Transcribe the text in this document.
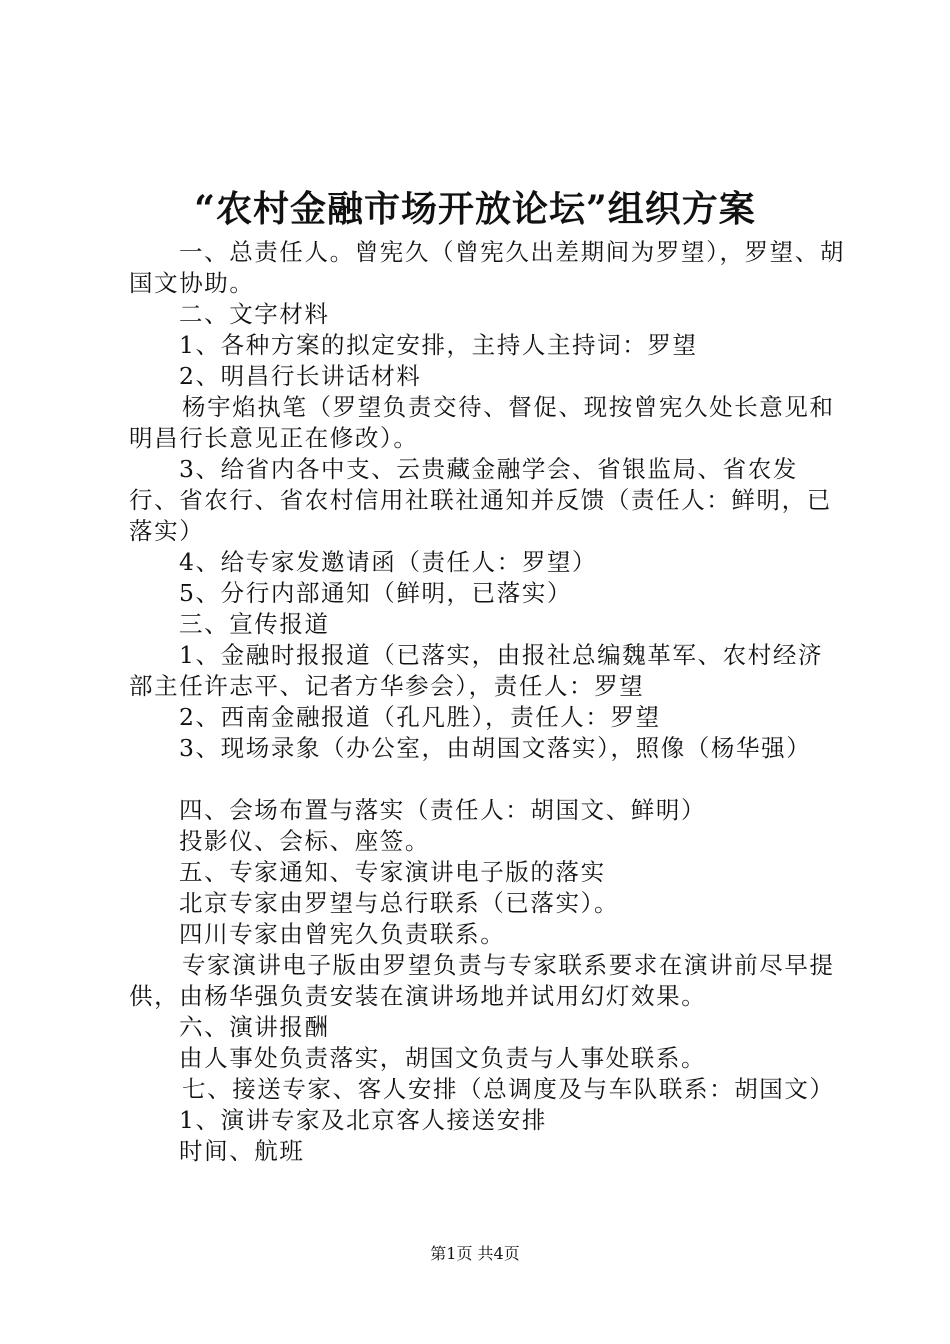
“农村金融市场开放论坛”组织方案

一、总责任人。曾宪久（曾宪久出差期间为罗望），罗望、胡国文协助。

二、文字材料

1、各种方案的拟定安排，主持人主持词：罗望

2、明昌行长讲话材料

杨宇焰执笔（罗望负责交待、督促、现按曾宪久处长意见和明昌行长意见正在修改）。

3、给省内各中支、云贵藏金融学会、省银监局、省农发行、省农行、省农村信用社联社通知并反馈（责任人：鲜明，已落实）

4、给专家发邀请函（责任人：罗望）

5、分行内部通知（鲜明，已落实）

三、宣传报道

1、金融时报报道（已落实，由报社总编魏革军、农村经济部主任许志平、记者方华参会），责任人：罗望

2、西南金融报道（孔凡胜），责任人：罗望

3、现场录象（办公室，由胡国文落实），照像（杨华强）

四、会场布置与落实（责任人：胡国文、鲜明）

投影仪、会标、座签。

五、专家通知、专家演讲电子版的落实

北京专家由罗望与总行联系（已落实）。

四川专家由曾宪久负责联系。

专家演讲电子版由罗望负责与专家联系要求在演讲前尽早提供，由杨华强负责安装在演讲场地并试用幻灯效果。

六、演讲报酬

由人事处负责落实，胡国文负责与人事处联系。

七、接送专家、客人安排（总调度及与车队联系：胡国文）

1、演讲专家及北京客人接送安排

时间、航班

第1页 共4页
